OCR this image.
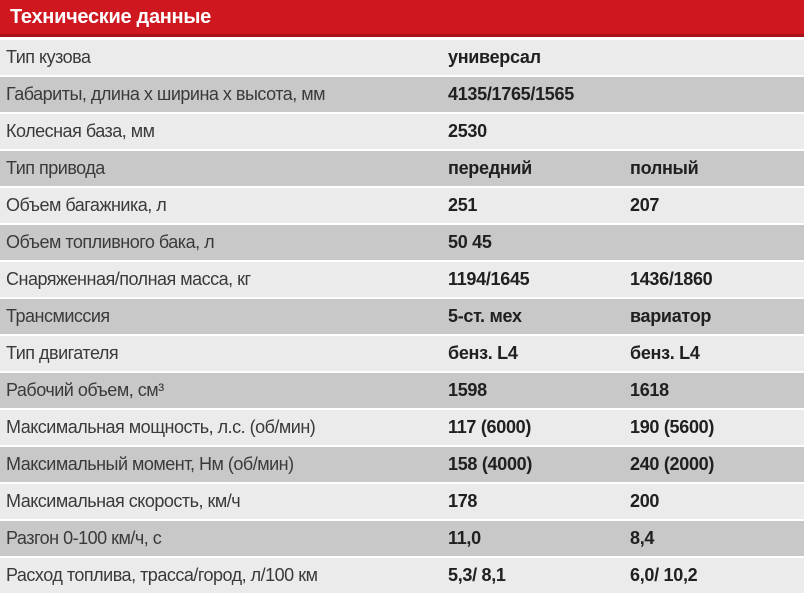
Технические данные
Тип кузова	универсал
Габариты, длина х ширина х высота, мм	4135/1765/1565
Колесная база, мм	2530
Тип привода	передний	полный
Объем багажника, л	251	207
Объем топливного бака, л	50 45
Снаряженная/полная масса, кг	1194/1645	1436/1860
Трансмиссия	5-ст. мех	вариатор
Тип двигателя	бенз. L4	бенз. L4
Рабочий объем, см³	1598	1618
Максимальная мощность, л.с. (об/мин)	117 (6000)	190 (5600)
Максимальный момент, Нм (об/мин)	158 (4000)	240 (2000)
Максимальная скорость, км/ч	178	200
Разгон 0-100 км/ч, с	11,0	8,4
Расход топлива, трасса/город, л/100 км	5,3/ 8,1	6,0/ 10,2
